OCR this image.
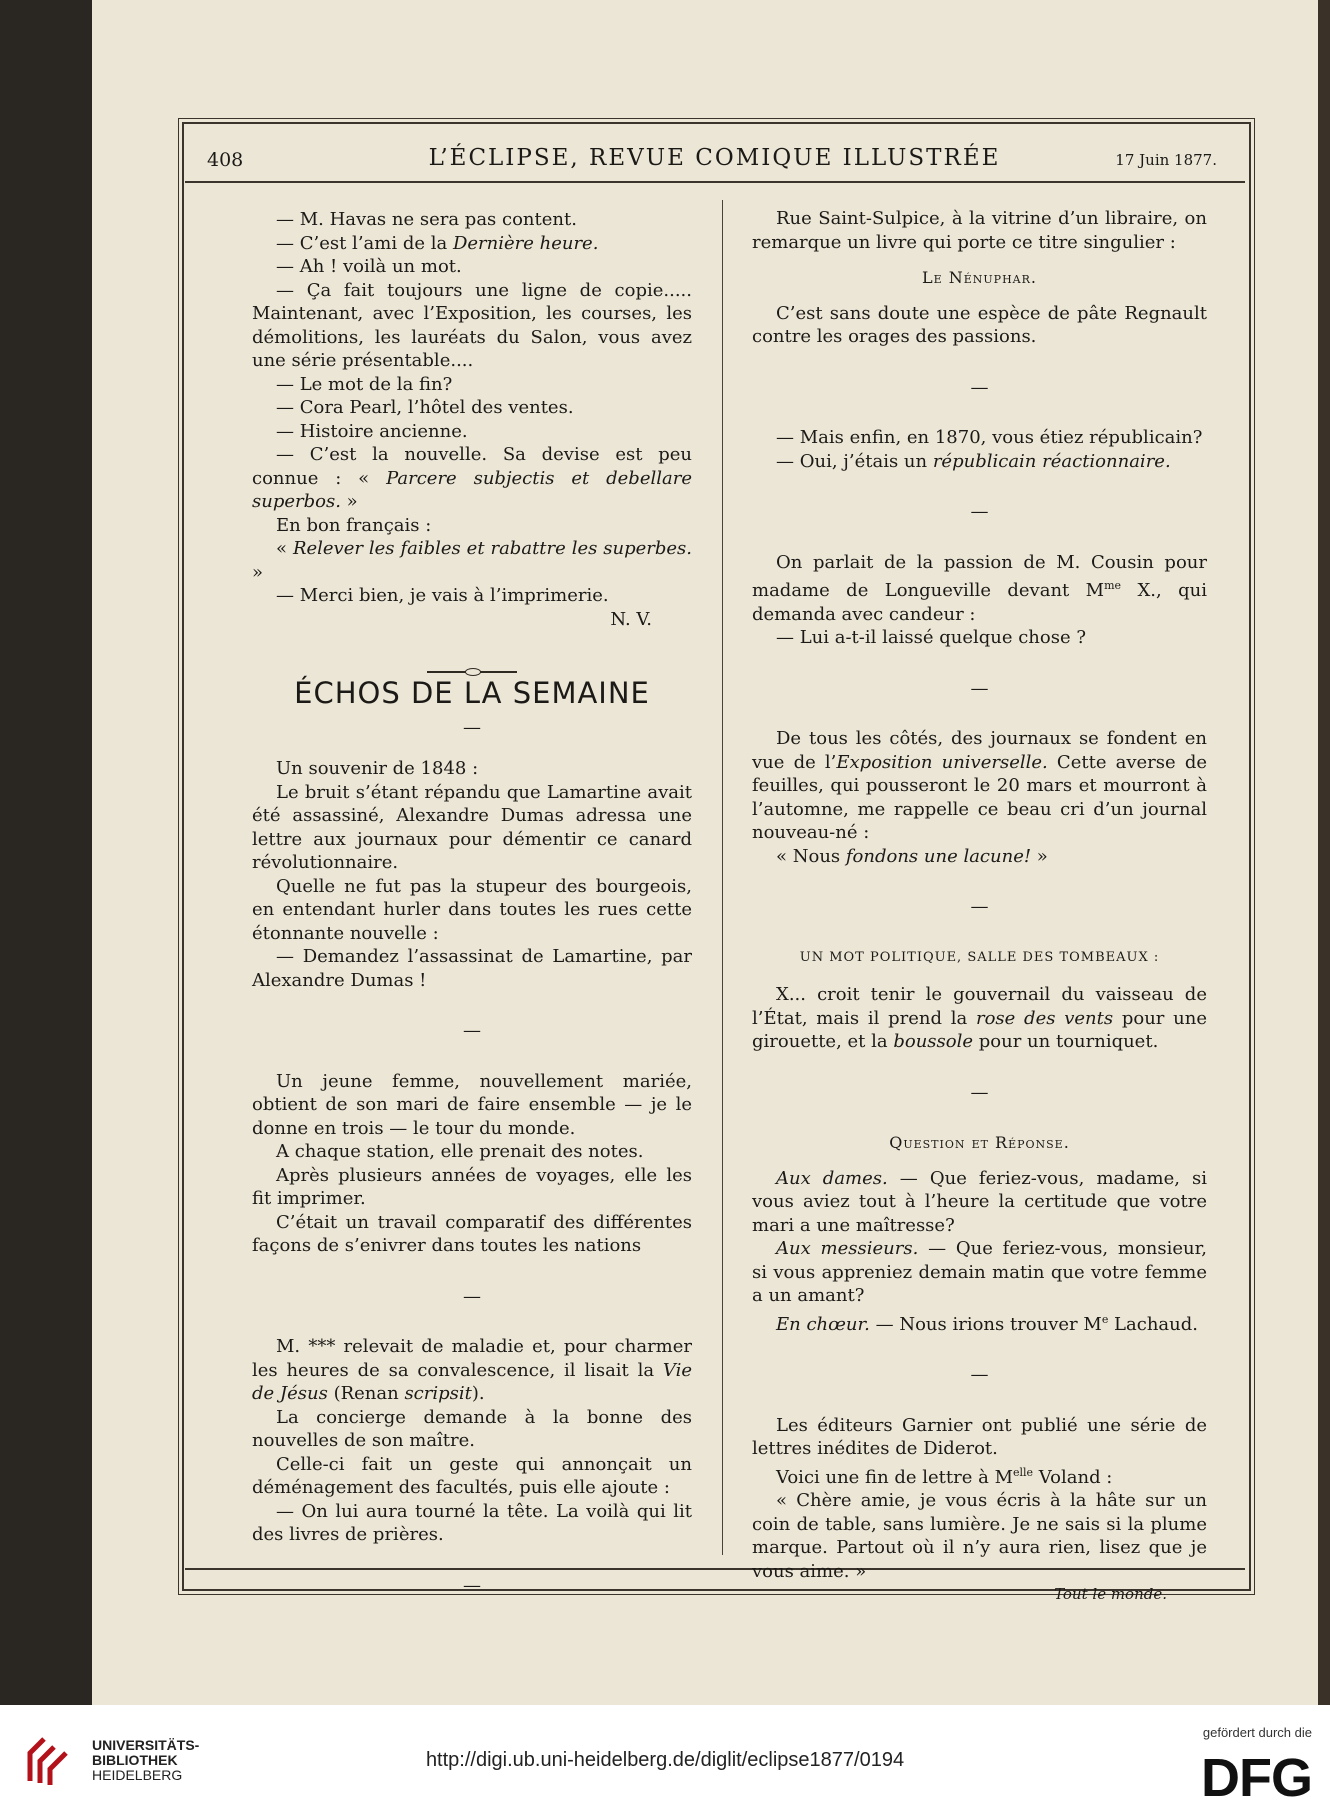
408	L’ÉCLIPSE, REVUE COMIQUE ILLUSTRÉE	17 Juin 1877.

— M. Havas ne sera pas content.

— C’est l’ami de la Dernière heure.

— Ah ! voilà un mot.

— Ça fait toujours une ligne de copie..... Maintenant, avec l’Exposition, les courses, les démolitions, les lauréats du Salon, vous avez une série présentable....

— Le mot de la fin?

— Cora Pearl, l’hôtel des ventes.

— Histoire ancienne.

— C’est la nouvelle. Sa devise est peu connue : « Parcere subjectis et debellare superbos. »

En bon français :

« Relever les faibles et rabattre les superbes. »

— Merci bien, je vais à l’imprimerie.

N. V.

ÉCHOS DE LA SEMAINE

—

Un souvenir de 1848 :

Le bruit s’étant répandu que Lamartine avait été assassiné, Alexandre Dumas adressa une lettre aux journaux pour démentir ce canard révolutionnaire.

Quelle ne fut pas la stupeur des bourgeois, en entendant hurler dans toutes les rues cette étonnante nouvelle :

— Demandez l’assassinat de Lamartine, par Alexandre Dumas !

—

Un jeune femme, nouvellement mariée, obtient de son mari de faire ensemble — je le donne en trois — le tour du monde.

A chaque station, elle prenait des notes.

Après plusieurs années de voyages, elle les fit imprimer.

C’était un travail comparatif des différentes façons de s’enivrer dans toutes les nations

—

M. *** relevait de maladie et, pour charmer les heures de sa convalescence, il lisait la Vie de Jésus (Renan scripsit).

La concierge demande à la bonne des nouvelles de son maître.

Celle-ci fait un geste qui annonçait un déménagement des facultés, puis elle ajoute :

— On lui aura tourné la tête. La voilà qui lit des livres de prières.

—

Rue Saint-Sulpice, à la vitrine d’un libraire, on remarque un livre qui porte ce titre singulier :

Le Nénuphar.

C’est sans doute une espèce de pâte Regnault contre les orages des passions.

—

— Mais enfin, en 1870, vous étiez républicain?

— Oui, j’étais un républicain réactionnaire.

—

On parlait de la passion de M. Cousin pour madame de Longueville devant $M^{me}$ X., qui demanda avec candeur :

— Lui a-t-il laissé quelque chose ?

—

De tous les côtés, des journaux se fondent en vue de l’Exposition universelle. Cette averse de feuilles, qui pousseront le 20 mars et mourront à l’automne, me rappelle ce beau cri d’un journal nouveau-né :

« Nous fondons une lacune! »

—

UN MOT POLITIQUE, SALLE DES TOMBEAUX :

X... croit tenir le gouvernail du vaisseau de l’État, mais il prend la rose des vents pour une girouette, et la boussole pour un tourniquet.

—

Question et Réponse.

Aux dames. — Que feriez-vous, madame, si vous aviez tout à l’heure la certitude que votre mari a une maîtresse?

Aux messieurs. — Que feriez-vous, monsieur, si vous appreniez demain matin que votre femme a un amant?

En chœur. — Nous irions trouver Me Lachaud.

—

Les éditeurs Garnier ont publié une série de lettres inédites de Diderot.

Voici une fin de lettre à $M^{elle}$ Voland :

« Chère amie, je vous écris à la hâte sur un coin de table, sans lumière. Je ne sais si la plume marque. Partout où il n’y aura rien, lisez que je vous aime. »

Tout le monde.

UNIVERSITÄTS-
BIBLIOTHEK
HEIDELBERG
http://digi.ub.uni-heidelberg.de/diglit/eclipse1877/0194
gefördert durch die
DFG
